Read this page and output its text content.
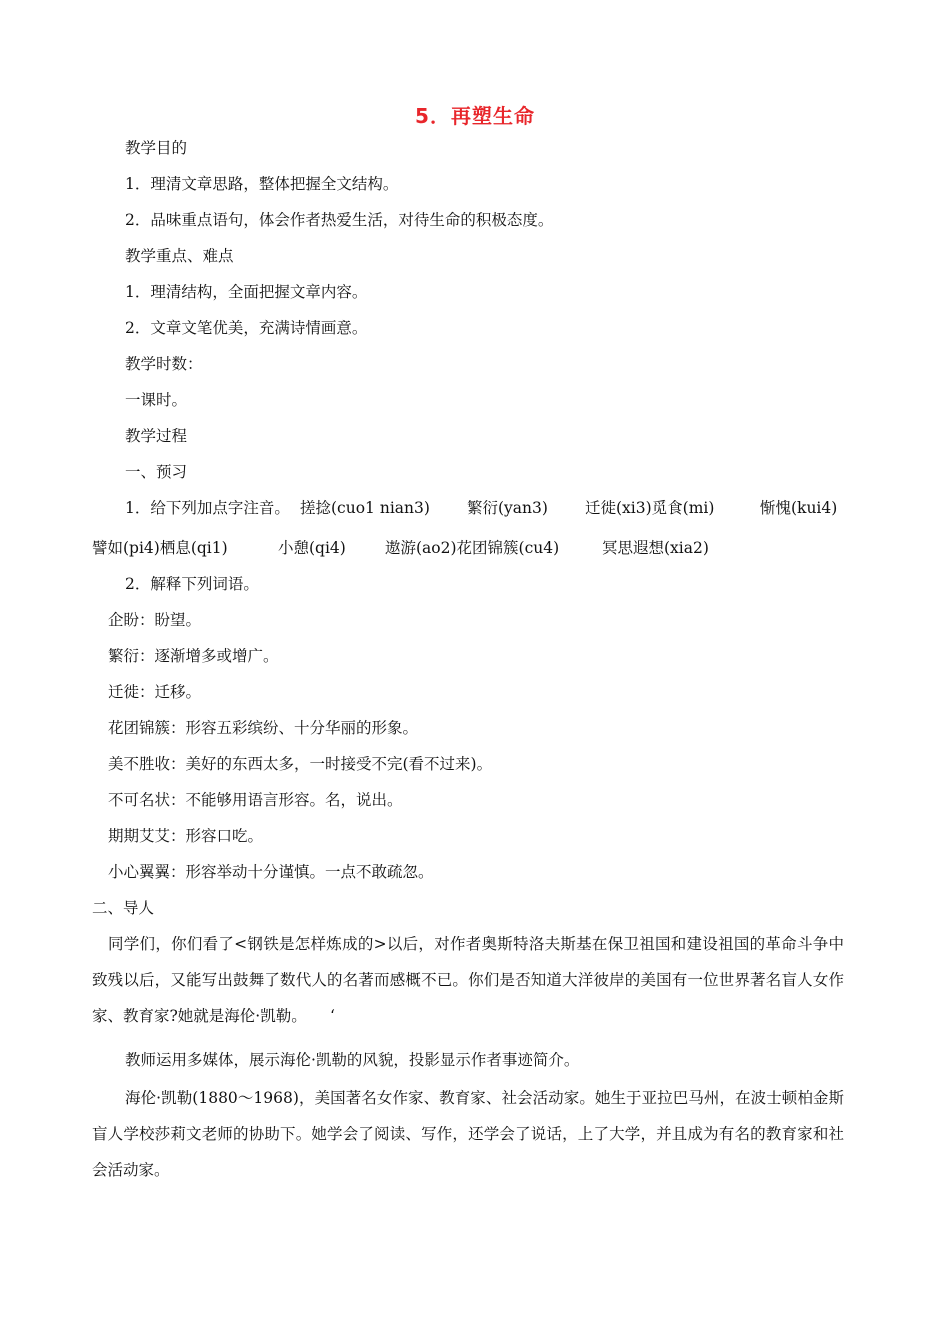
5．再塑生命
教学目的
1．理清文章思路，整体把握全文结构。
2．品味重点语句，体会作者热爱生活，对待生命的积极态度。
教学重点、难点
1．理清结构，全面把握文章内容。
2．文章文笔优美，充满诗情画意。
教学时数：
一课时。
教学过程
一、预习
1．给下列加点字注音。 搓捻(cuo1 nian3) 繁衍(yan3) 迁徙(xi3)觅食(mi)	惭愧(kui4)
譬如(pi4)栖息(qi1)	小憩(qi4)	遨游(ao2)花团锦簇(cu4)	冥思遐想(xia2)
2．解释下列词语。
企盼：盼望。
繁衍：逐渐增多或增广。
迁徙：迁移。
花团锦簇：形容五彩缤纷、十分华丽的形象。
美不胜收：美好的东西太多，一时接受不完(看不过来)。
不可名状：不能够用语言形容。名，说出。
期期艾艾：形容口吃。
小心翼翼：形容举动十分谨慎。一点不敢疏忽。
二、导人
同学们，你们看了<钢铁是怎样炼成的>以后，对作者奥斯特洛夫斯基在保卫祖国和建设祖国的革命斗争中致残以后，又能写出鼓舞了数代人的名著而感概不已。你们是否知道大洋彼岸的美国有一位世界著名盲人女作家、教育家?她就是海伦·凯勒。　　‘
教师运用多媒体，展示海伦·凯勒的风貌，投影显示作者事迹简介。
海伦·凯勒(1880～1968)，美国著名女作家、教育家、社会活动家。她生于亚拉巴马州，在波士顿柏金斯盲人学校莎莉文老师的协助下。她学会了阅读、写作，还学会了说话，上了大学，并且成为有名的教育家和社会活动家。
